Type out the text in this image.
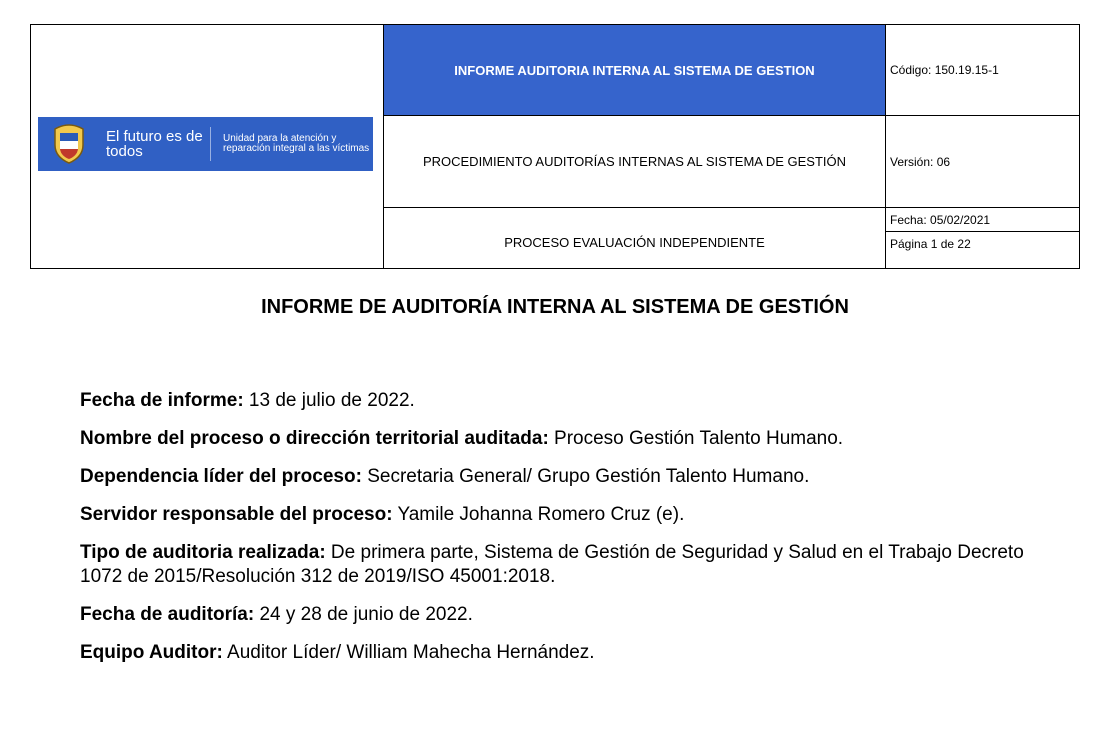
El futuro es de todos
Unidad para la atención y reparación integral a las víctimas
INFORME AUDITORIA INTERNA AL SISTEMA DE GESTION	Código: 150.19.15-1
PROCEDIMIENTO AUDITORÍAS INTERNAS AL SISTEMA DE GESTIÓN	Versión: 06
PROCESO EVALUACIÓN INDEPENDIENTE
Fecha: 05/02/2021
Página 1 de 22
INFORME DE AUDITORÍA INTERNA AL SISTEMA DE GESTIÓN
Fecha de informe: 13 de julio de 2022.
Nombre del proceso o dirección territorial auditada: Proceso Gestión Talento Humano.
Dependencia líder del proceso: Secretaria General/ Grupo Gestión Talento Humano.
Servidor responsable del proceso: Yamile Johanna Romero Cruz (e).
Tipo de auditoria realizada: De primera parte, Sistema de Gestión de Seguridad y Salud en el Trabajo Decreto 1072 de 2015/Resolución 312 de 2019/ISO 45001:2018.
Fecha de auditoría: 24 y 28 de junio de 2022.
Equipo Auditor: Auditor Líder/ William Mahecha Hernández.
